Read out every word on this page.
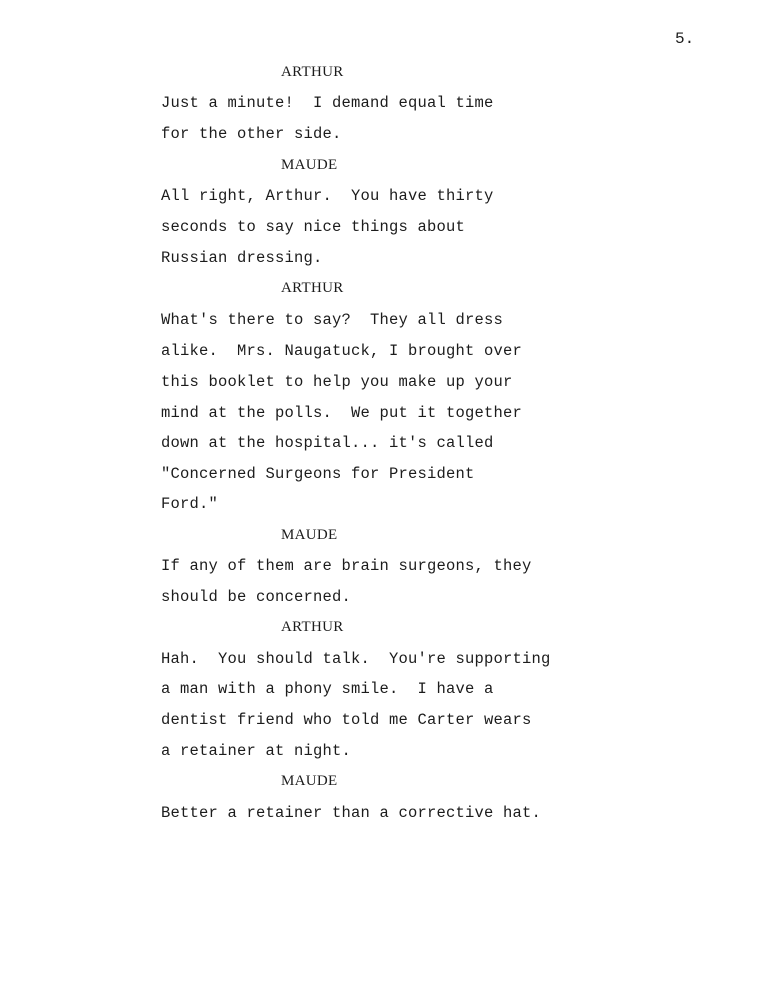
5.
ARTHUR
Just a minute!  I demand equal time
for the other side.
MAUDE
All right, Arthur.  You have thirty
seconds to say nice things about
Russian dressing.
ARTHUR
What's there to say?  They all dress
alike.  Mrs. Naugatuck, I brought over
this booklet to help you make up your
mind at the polls.  We put it together
down at the hospital... it's called
"Concerned Surgeons for President
Ford."
MAUDE
If any of them are brain surgeons, they
should be concerned.
ARTHUR
Hah.  You should talk.  You're supporting
a man with a phony smile.  I have a
dentist friend who told me Carter wears
a retainer at night.
MAUDE
Better a retainer than a corrective hat.
